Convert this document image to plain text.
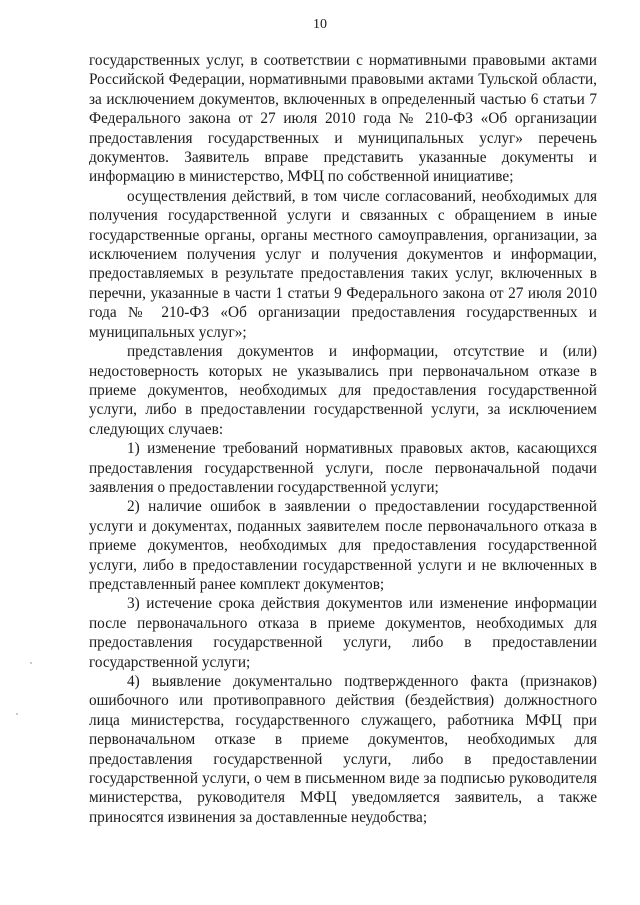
10

государственных услуг, в соответствии с нормативными правовыми актами Российской Федерации, нормативными правовыми актами Тульской области, за исключением документов, включенных в определенный частью 6 статьи 7 Федерального закона от 27 июля 2010 года № 210-ФЗ «Об организации предоставления государственных и муниципальных услуг» перечень документов. Заявитель вправе представить указанные документы и информацию в министерство, МФЦ по собственной инициативе;

осуществления действий, в том числе согласований, необходимых для получения государственной услуги и связанных с обращением в иные государственные органы, органы местного самоуправления, организации, за исключением получения услуг и получения документов и информации, предоставляемых в результате предоставления таких услуг, включенных в перечни, указанные в части 1 статьи 9 Федерального закона от 27 июля 2010 года № 210-ФЗ «Об организации предоставления государственных и муниципальных услуг»;

представления документов и информации, отсутствие и (или) недостоверность которых не указывались при первоначальном отказе в приеме документов, необходимых для предоставления государственной услуги, либо в предоставлении государственной услуги, за исключением следующих случаев:

1) изменение требований нормативных правовых актов, касающихся предоставления государственной услуги, после первоначальной подачи заявления о предоставлении государственной услуги;

2) наличие ошибок в заявлении о предоставлении государственной услуги и документах, поданных заявителем после первоначального отказа в приеме документов, необходимых для предоставления государственной услуги, либо в предоставлении государственной услуги и не включенных в представленный ранее комплект документов;

3) истечение срока действия документов или изменение информации после первоначального отказа в приеме документов, необходимых для предоставления государственной услуги, либо в предоставлении государственной услуги;

4) выявление документально подтвержденного факта (признаков) ошибочного или противоправного действия (бездействия) должностного лица министерства, государственного служащего, работника МФЦ при первоначальном отказе в приеме документов, необходимых для предоставления государственной услуги, либо в предоставлении государственной услуги, о чем в письменном виде за подписью руководителя министерства, руководителя МФЦ уведомляется заявитель, а также приносятся извинения за доставленные неудобства;
